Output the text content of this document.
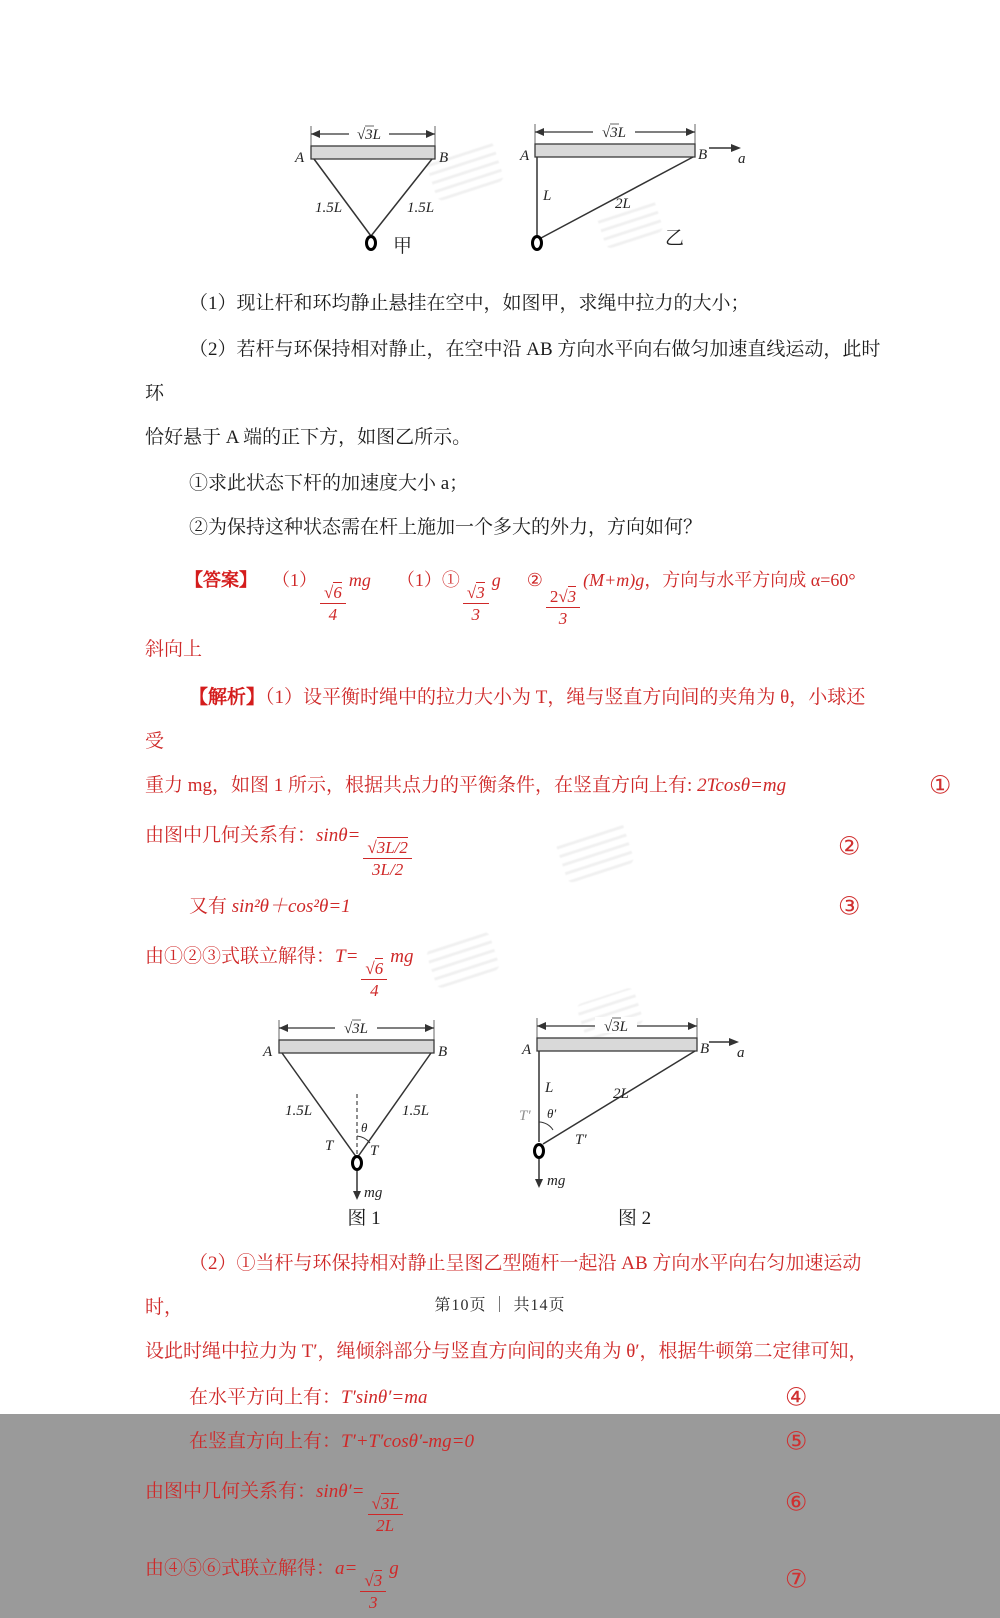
√3L
A	B
1.5L	1.5L
甲
√3L
A	B a
L	2L
乙

（1）现让杆和环均静止悬挂在空中，如图甲，求绳中拉力的大小；

（2）若杆与环保持相对静止，在空中沿 AB 方向水平向右做匀加速直线运动，此时环

恰好悬于 A 端的正下方，如图乙所示。

①求此状态下杆的加速度大小 a；

②为保持这种状态需在杆上施加一个多大的外力，方向如何？

【答案】 （1）
$\frac{√ 6}{4}$
mg （1）①
$\frac{√ 3}{3}$
g ②
$\frac{2 √ 3}{3}$
(M+m)g，方向与水平方向成 α=60°

斜向上

【解析】（1）设平衡时绳中的拉力大小为 T，绳与竖直方向间的夹角为 θ，小球还受

重力 mg，如图 1 所示，根据共点力的平衡条件，在竖直方向上有: 2Tcosθ=mg	①
由图中几何关系有：sinθ=
$\frac{√ 3L/2}{3L/2}$	②
又有 sin²θ＋cos²θ=1	③
由①②③式联立解得：T=
$\frac{√ 6}{4}$
mg
√3L
A	B
1.5L	1.5L
θ
T T
mg
图 1
√3L
A	B a
L
T′
2L
θ′
T′
mg
图 2

（2）①当杆与环保持相对静止呈图乙型随杆一起沿 AB 方向水平向右匀加速运动时，

设此时绳中拉力为 T′，绳倾斜部分与竖直方向间的夹角为 θ′，根据牛顿第二定律可知，

在水平方向上有：T′sinθ′=ma	④
在竖直方向上有：T′+T′cosθ′-mg=0	⑤
由图中几何关系有：sinθ′=
$\frac{√ 3L}{2L}$	⑥
由④⑤⑥式联立解得：a=
$\frac{√ 3}{3}$
g	⑦
第10页 ｜ 共14页
